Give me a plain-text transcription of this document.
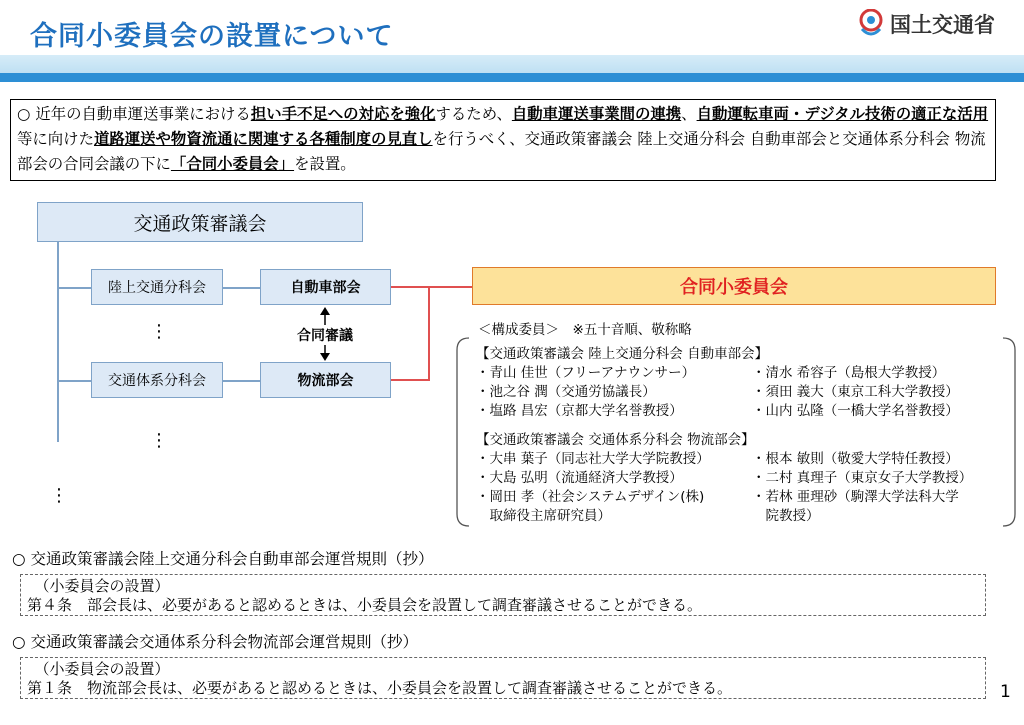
合同小委員会の設置について	国土交通省

○ 近年の自動車運送事業における担い手不足への対応を強化するため、自動車運送事業間の連携、自動運転車両・デジタル技術の適正な活用等に向けた道路運送や物資流通に関連する各種制度の見直しを行うべく、交通政策審議会 陸上交通分科会 自動車部会と交通体系分科会 物流部会の合同会議の下に「合同小委員会」を設置。

交通政策審議会
陸上交通分科会
交通体系分科会
自動車部会
物流部会
合同審議
⋮
⋮
⋮
合同小委員会
＜構成委員＞　※五十音順、敬称略
【交通政策審議会 陸上交通分科会 自動車部会】
・青山 佳世（フリーアナウンサー）
・池之谷 潤（交通労協議長）
・塩路 昌宏（京都大学名誉教授）
・清水 希容子（島根大学教授）
・須田 義大（東京工科大学教授）
・山内 弘隆（一橋大学名誉教授）
【交通政策審議会 交通体系分科会 物流部会】
・大串 葉子（同志社大学大学院教授）
・大島 弘明（流通経済大学教授）
・岡田 孝（社会システムデザイン(株)
　取締役主席研究員）
・根本 敏則（敬愛大学特任教授）
・二村 真理子（東京女子大学教授）
・若林 亜理砂（駒澤大学法科大学
　院教授）
○ 交通政策審議会陸上交通分科会自動車部会運営規則（抄）
　（小委員会の設置）
第４条　部会長は、必要があると認めるときは、小委員会を設置して調査審議させることができる。
○ 交通政策審議会交通体系分科会物流部会運営規則（抄）
　（小委員会の設置）
第１条　物流部会長は、必要があると認めるときは、小委員会を設置して調査審議させることができる。	1
